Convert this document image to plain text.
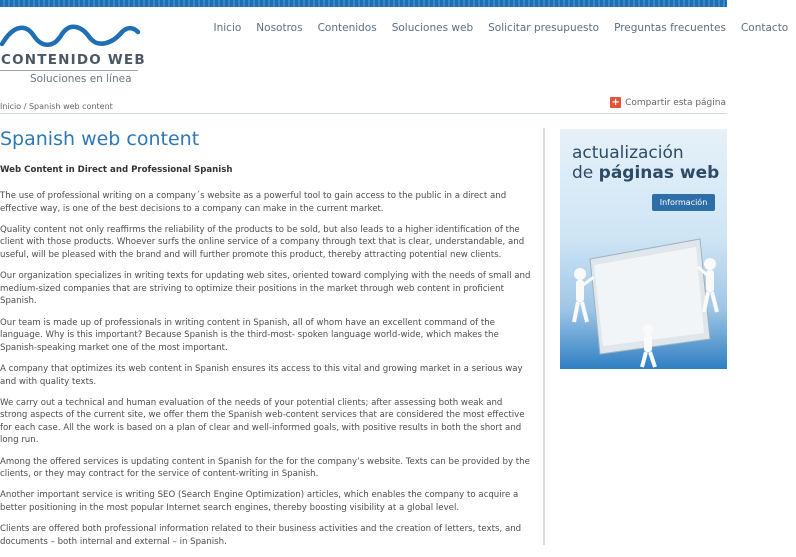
CONTENIDO WEB
Soluciones en línea
Inicio	Nosotros	Contenidos	Soluciones web	Solicitar presupuesto	Preguntas frecuentes	Contacto
Inicio / Spanish web content	+ Compartir esta página
Spanish web content

Web Content in Direct and Professional Spanish

The use of professional writing on a company´s website as a powerful tool to gain access to the public in a direct and effective way, is one of the best decisions to a company can make in the current market.

Quality content not only reaffirms the reliability of the products to be sold, but also leads to a higher identification of the client with those products. Whoever surfs the online service of a company through text that is clear, understandable, and useful, will be pleased with the brand and will further promote this product, thereby attracting potential new clients.

Our organization specializes in writing texts for updating web sites, oriented toward complying with the needs of small and medium-sized companies that are striving to optimize their positions in the market through web content in proficient Spanish.

Our team is made up of professionals in writing content in Spanish, all of whom have an excellent command of the language. Why is this important? Because Spanish is the third-most- spoken language world-wide, which makes the Spanish-speaking market one of the most important.

A company that optimizes its web content in Spanish ensures its access to this vital and growing market in a serious way and with quality texts.

We carry out a technical and human evaluation of the needs of your potential clients; after assessing both weak and strong aspects of the current site, we offer them the Spanish web-content services that are considered the most effective for each case. All the work is based on a plan of clear and well-informed goals, with positive results in both the short and long run.

Among the offered services is updating content in Spanish for the for the company’s website. Texts can be provided by the clients, or they may contract for the service of content-writing in Spanish.

Another important service is writing SEO (Search Engine Optimization) articles, which enables the company to acquire a better positioning in the most popular Internet search engines, thereby boosting visibility at a global level.

Clients are offered both professional information related to their business activities and the creation of letters, texts, and documents – both internal and external – in Spanish.

actualización
de páginas web
Información
